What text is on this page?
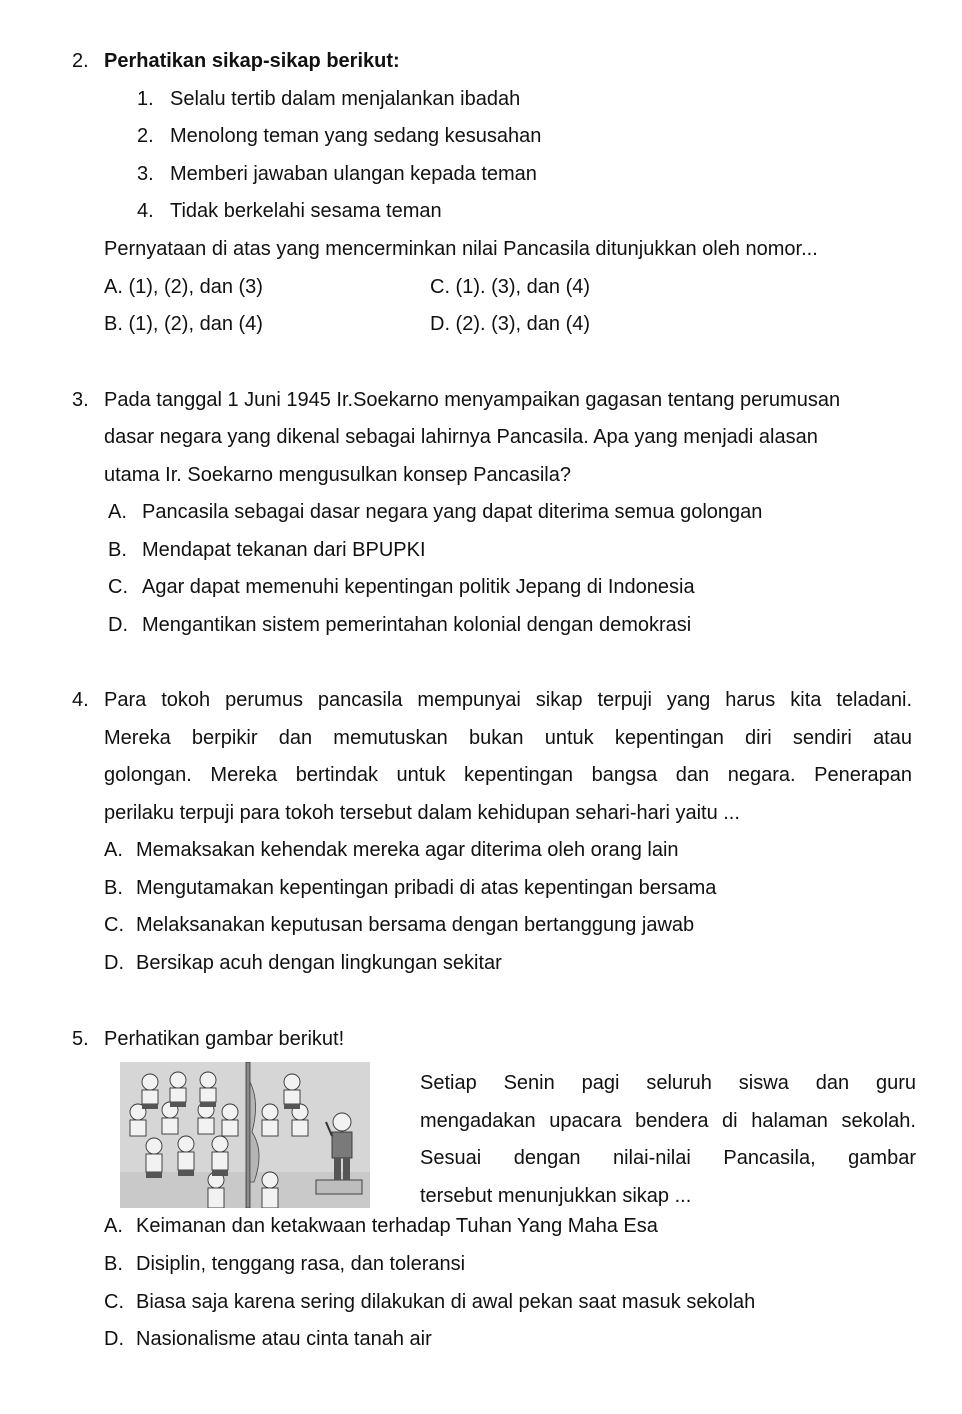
2. Perhatikan sikap-sikap berikut:
1. Selalu tertib dalam menjalankan ibadah
2. Menolong teman yang sedang kesusahan
3. Memberi jawaban ulangan kepada teman
4. Tidak berkelahi sesama teman
Pernyataan di atas yang mencerminkan nilai Pancasila ditunjukkan oleh nomor...
A. (1), (2), dan (3)	C. (1). (3), dan (4)
B. (1), (2), dan (4)	D. (2). (3), dan (4)
3. Pada tanggal 1 Juni 1945 Ir.Soekarno menyampaikan gagasan tentang perumusan
dasar negara yang dikenal sebagai lahirnya Pancasila. Apa yang menjadi alasan
utama Ir. Soekarno mengusulkan konsep Pancasila?
A. Pancasila sebagai dasar negara yang dapat diterima semua golongan
B. Mendapat tekanan dari BPUPKI
C. Agar dapat memenuhi kepentingan politik Jepang di Indonesia
D. Mengantikan sistem pemerintahan kolonial dengan demokrasi
4. Para tokoh perumus pancasila mempunyai sikap terpuji yang harus kita teladani.
Mereka berpikir dan memutuskan bukan untuk kepentingan diri sendiri atau
golongan. Mereka bertindak untuk kepentingan bangsa dan negara. Penerapan
perilaku terpuji para tokoh tersebut dalam kehidupan sehari-hari yaitu ...
A. Memaksakan kehendak mereka agar diterima oleh orang lain
B. Mengutamakan kepentingan pribadi di atas kepentingan bersama
C. Melaksanakan keputusan bersama dengan bertanggung jawab
D. Bersikap acuh dengan lingkungan sekitar
5. Perhatikan gambar berikut!
Setiap Senin pagi seluruh siswa dan guru
mengadakan upacara bendera di halaman sekolah.
Sesuai dengan nilai-nilai Pancasila, gambar
tersebut menunjukkan sikap ...
A. Keimanan dan ketakwaan terhadap Tuhan Yang Maha Esa
B. Disiplin, tenggang rasa, dan toleransi
C. Biasa saja karena sering dilakukan di awal pekan saat masuk sekolah
D. Nasionalisme atau cinta tanah air
